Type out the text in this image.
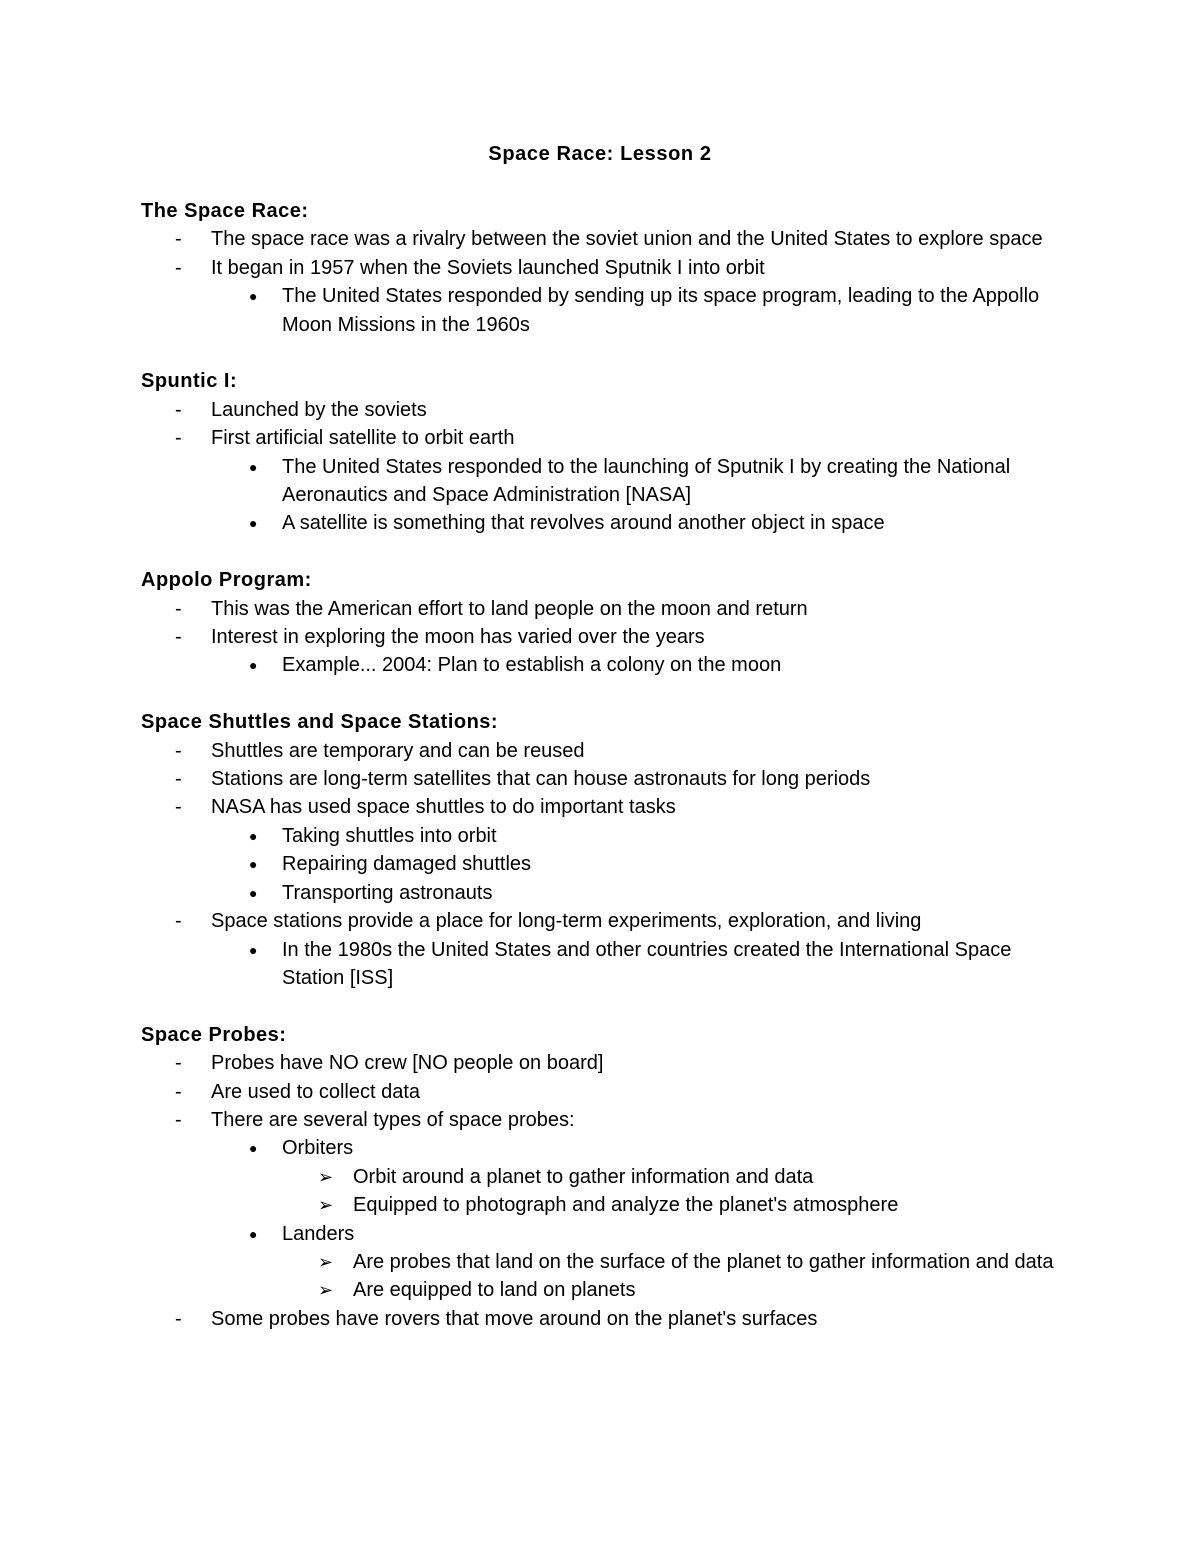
Space Race: Lesson 2
The Space Race:
- The space race was a rivalry between the soviet union and the United States to explore space
- It began in 1957 when the Soviets launched Sputnik I into orbit
● The United States responded by sending up its space program, leading to the Appollo Moon Missions in the 1960s
Spuntic I:
- Launched by the soviets
- First artificial satellite to orbit earth
● The United States responded to the launching of Sputnik I by creating the National Aeronautics and Space Administration [NASA]
● A satellite is something that revolves around another object in space
Appolo Program:
- This was the American effort to land people on the moon and return
- Interest in exploring the moon has varied over the years
● Example... 2004: Plan to establish a colony on the moon
Space Shuttles and Space Stations:
- Shuttles are temporary and can be reused
- Stations are long-term satellites that can house astronauts for long periods
- NASA has used space shuttles to do important tasks
● Taking shuttles into orbit
● Repairing damaged shuttles
● Transporting astronauts
- Space stations provide a place for long-term experiments, exploration, and living
● In the 1980s the United States and other countries created the International Space Station [ISS]
Space Probes:
- Probes have NO crew [NO people on board]
- Are used to collect data
- There are several types of space probes:
● Orbiters
➢ Orbit around a planet to gather information and data
➢ Equipped to photograph and analyze the planet's atmosphere
● Landers
➢ Are probes that land on the surface of the planet to gather information and data
➢ Are equipped to land on planets
- Some probes have rovers that move around on the planet's surfaces
